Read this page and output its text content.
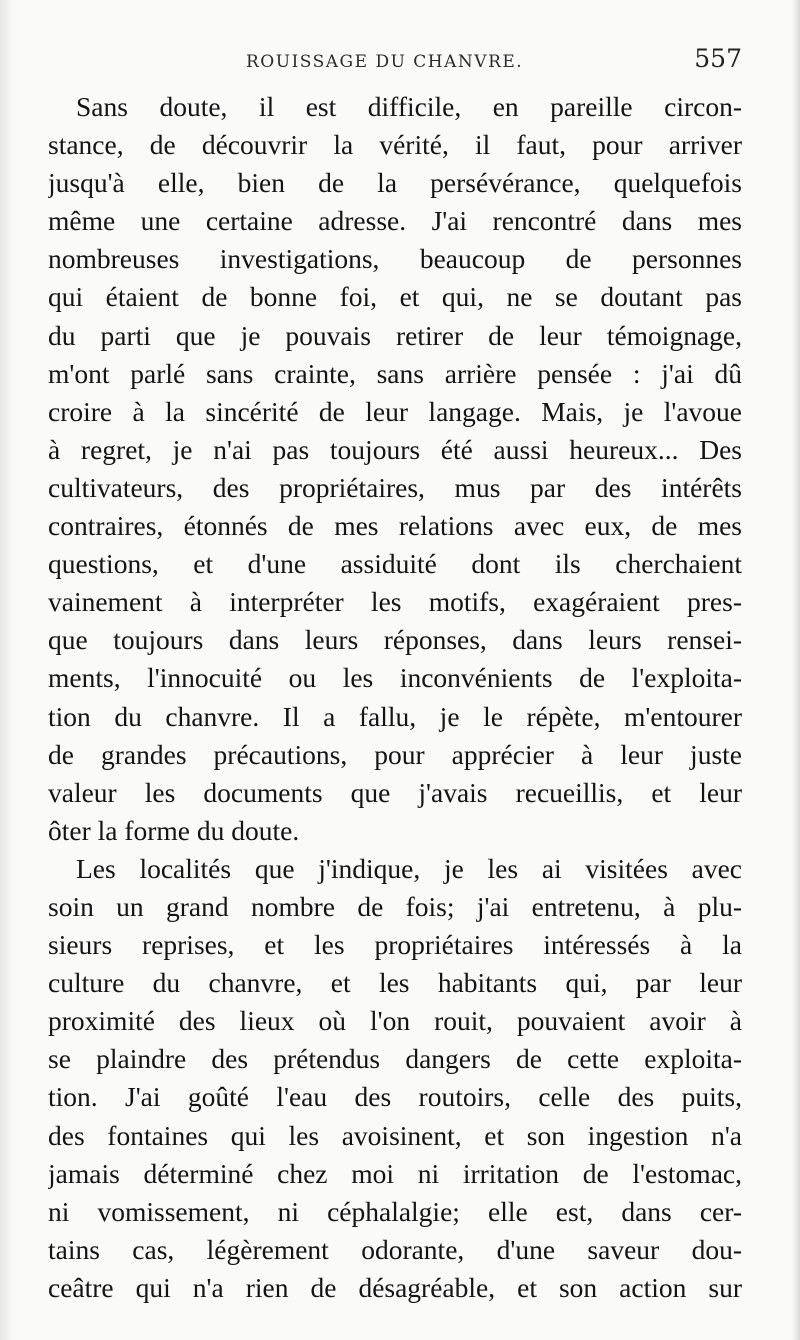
ROUISSAGE DU CHANVRE.	557
Sans doute, il est difficile, en pareille circon-
stance, de découvrir la vérité, il faut, pour arriver
jusqu'à elle, bien de la persévérance, quelquefois
même une certaine adresse. J'ai rencontré dans mes
nombreuses investigations, beaucoup de personnes
qui étaient de bonne foi, et qui, ne se doutant pas
du parti que je pouvais retirer de leur témoignage,
m'ont parlé sans crainte, sans arrière pensée : j'ai dû
croire à la sincérité de leur langage. Mais, je l'avoue
à regret, je n'ai pas toujours été aussi heureux... Des
cultivateurs, des propriétaires, mus par des intérêts
contraires, étonnés de mes relations avec eux, de mes
questions, et d'une assiduité dont ils cherchaient
vainement à interpréter les motifs, exagéraient pres-
que toujours dans leurs réponses, dans leurs rensei-
ments, l'innocuité ou les inconvénients de l'exploita-
tion du chanvre. Il a fallu, je le répète, m'entourer
de grandes précautions, pour apprécier à leur juste
valeur les documents que j'avais recueillis, et leur
ôter la forme du doute.
Les localités que j'indique, je les ai visitées avec
soin un grand nombre de fois; j'ai entretenu, à plu-
sieurs reprises, et les propriétaires intéressés à la
culture du chanvre, et les habitants qui, par leur
proximité des lieux où l'on rouit, pouvaient avoir à
se plaindre des prétendus dangers de cette exploita-
tion. J'ai goûté l'eau des routoirs, celle des puits,
des fontaines qui les avoisinent, et son ingestion n'a
jamais déterminé chez moi ni irritation de l'estomac,
ni vomissement, ni céphalalgie; elle est, dans cer-
tains cas, légèrement odorante, d'une saveur dou-
ceâtre qui n'a rien de désagréable, et son action sur
